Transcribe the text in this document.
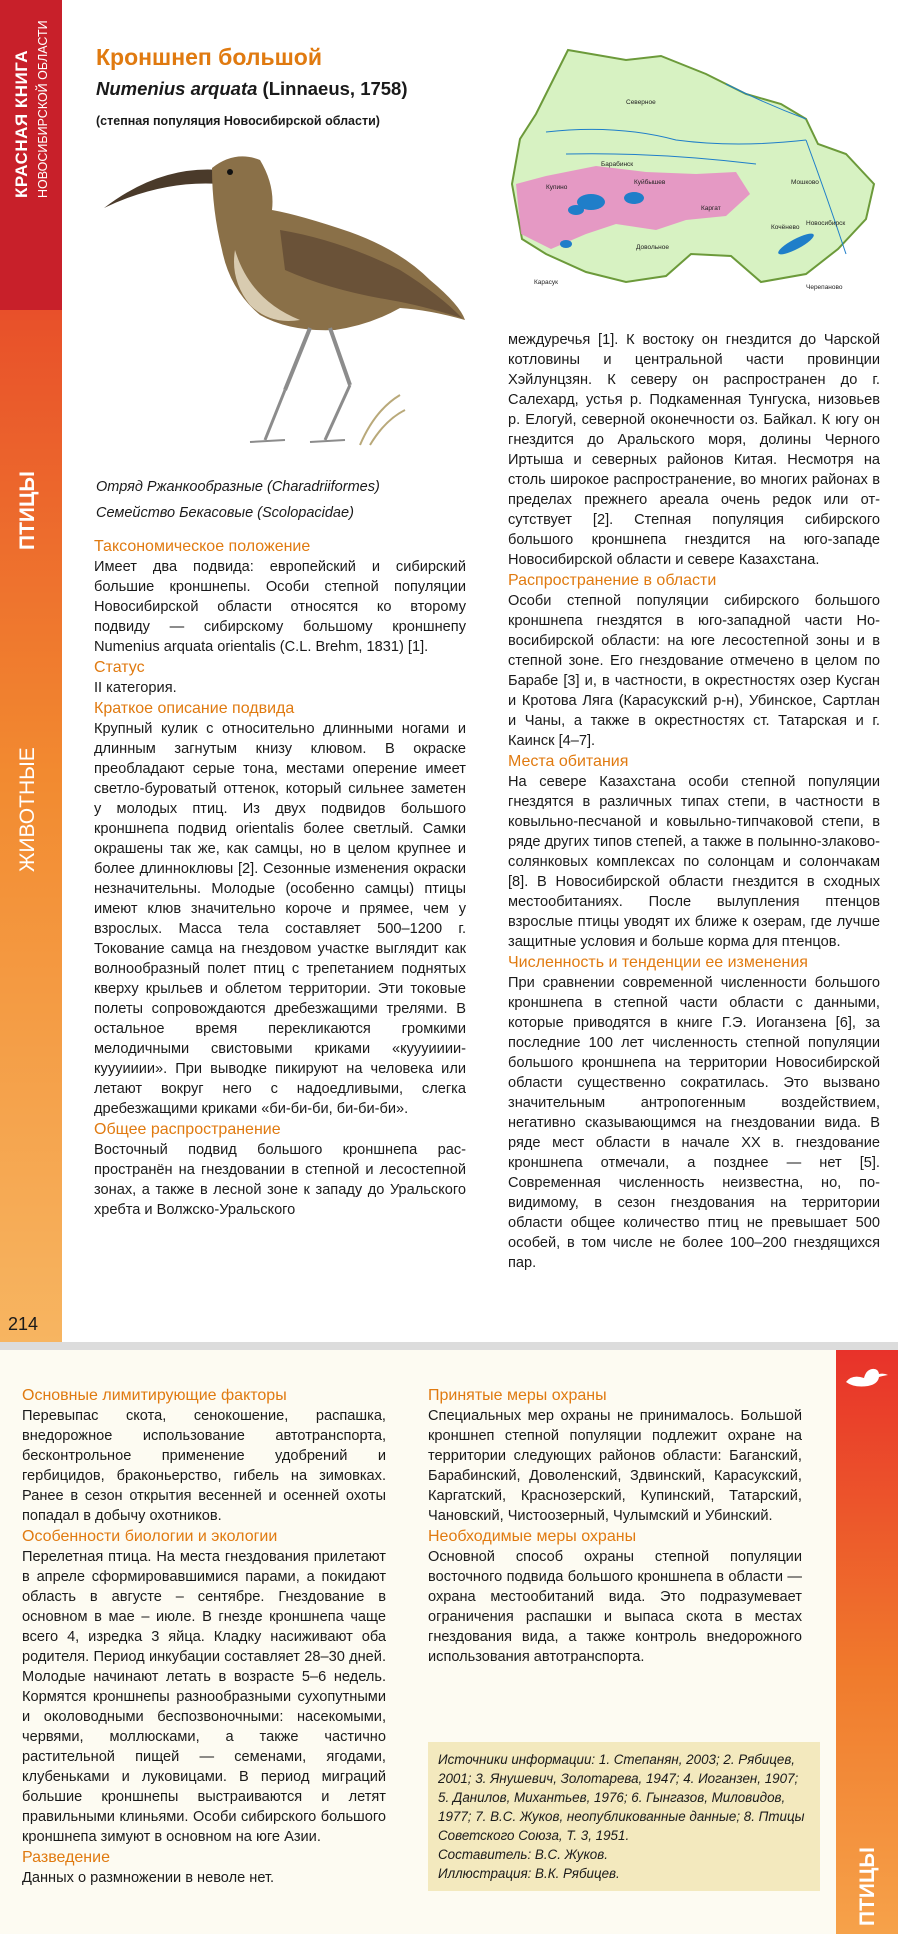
КРАСНАЯ КНИГА НОВОСИБИРСКОЙ ОБЛАСТИ
ПТИЦЫ
ЖИВОТНЫЕ
Кроншнеп большой
Numenius arquata (Linnaeus, 1758)
(степная популяция Новосибирской области)
Северное
Барабинск
Куйбышев
Купино
Карасук
Довольное
Каргат
Мошково
Кочёнево
Новосибирск
Черепаново
Отряд Ржанкообразные (Charadriiformes)
Семейство Бекасовые (Scolopacidae)
Таксономическое положение

Имеет два подвида: европейский и сибирский большие кроншнепы. Особи степной популяции Новосибирской области относятся ко второму подвиду — сибирскому большому кроншнепу Numenius arquata orientalis (C.L. Brehm, 1831) [1].

Статус

II категория.

Краткое описание подвида

Крупный кулик с относительно длинными ногами и длинным загнутым книзу клювом. В окраске преобладают серые тона, местами оперение имеет светло-буроватый оттенок, который сильнее заметен у молодых птиц. Из двух подвидов большого кроншнепа подвид orientalis более светлый. Самки окрашены так же, как самцы, но в целом крупнее и более длинноклювы [2]. Сезонные изменения окраски незначительны. Молодые (особенно самцы) птицы имеют клюв значительно короче и прямее, чем у взрослых. Масса тела составляет 500–1200 г. Токование самца на гнездовом участке выглядит как волнообразный полет птиц с трепетанием поднятых кверху крыльев и облетом территории. Эти токовые полеты сопровождаются дребезжащими трелями. В остальное время перекликаются громкими мелодичными свистовыми криками «куууииии-куууииии». При выводке пикируют на человека или летают вокруг него с надоедливыми, слегка дребезжащими криками «би-би-би, би-би-би».

Общее распространение

Восточный подвид большого кроншнепа распространён на гнездовании в степной и лесостепной зонах, а также в лесной зоне к западу до Уральского хребта и Волжско-Уральского

междуречья [1]. К востоку он гнездится до Чарской котловины и центральной части провинции Хэйлунцзян. К северу он распространен до г. Салехард, устья р. Подкаменная Тунгуска, низовьев р. Елогуй, северной оконечности оз. Байкал. К югу он гнездится до Аральского моря, долины Черного Иртыша и северных районов Китая. Несмотря на столь широкое распространение, во многих районах в пределах прежнего ареала очень редок или отсутствует [2]. Степная популяция сибирского большого кроншнепа гнездится на юго-западе Новосибирской области и севере Казахстана.

Распространение в области

Особи степной популяции сибирского большого кроншнепа гнездятся в юго-западной части Новосибирской области: на юге лесостепной зоны и в степной зоне. Его гнездование отмечено в целом по Барабе [3] и, в частности, в окрестностях озер Кусган и Кротова Ляга (Карасукский р-н), Убинское, Сартлан и Чаны, а также в окрестностях ст. Татарская и г. Каинск [4–7].

Места обитания

На севере Казахстана особи степной популяции гнездятся в различных типах степи, в частности в ковыльно-песчаной и ковыльно-типчаковой степи, в ряде других типов степей, а также в полынно-злаково-солянковых комплексах по солонцам и солончакам [8]. В Новосибирской области гнездится в сходных местообитаниях. После вылупления птенцов взрослые птицы уводят их ближе к озерам, где лучше защитные условия и больше корма для птенцов.

Численность и тенденции ее изменения

При сравнении современной численности большого кроншнепа в степной части области с данными, которые приводятся в книге Г.Э. Иоганзена [6], за последние 100 лет численность степной популяции большого кроншнепа на территории Новосибирской области существенно сократилась. Это вызвано значительным антропогенным воздействием, негативно сказывающимся на гнездовании вида. В ряде мест области в начале XX в. гнездование кроншнепа отмечали, а позднее — нет [5]. Современная численность неизвестна, но, по-видимому, в сезон гнездования на территории области общее количество птиц не превышает 500 особей, в том числе не более 100–200 гнездящихся пар.

214
ПТИЦЫ
Основные лимитирующие факторы

Перевыпас скота, сенокошение, распашка, внедорожное использование автотранспорта, бесконтрольное применение удобрений и гербицидов, браконьерство, гибель на зимовках. Ранее в сезон открытия весенней и осенней охоты попадал в добычу охотников.

Особенности биологии и экологии

Перелетная птица. На места гнездования прилетают в апреле сформировавшимися парами, а покидают область в августе – сентябре. Гнездование в основном в мае – июле. В гнезде кроншнепа чаще всего 4, изредка 3 яйца. Кладку насиживают оба родителя. Период инкубации составляет 28–30 дней. Молодые начинают летать в возрасте 5–6 недель. Кормятся кроншнепы разнообразными сухопутными и околоводными беспозвоночными: насекомыми, червями, моллюсками, а также частично растительной пищей — семенами, ягодами, клубеньками и луковицами. В период миграций большие кроншнепы выстраиваются и летят правильными клиньями. Особи сибирского большого кроншнепа зимуют в основном на юге Азии.

Разведение

Данных о размножении в неволе нет.

Принятые меры охраны

Специальных мер охраны не принималось. Большой кроншнеп степной популяции подлежит охране на территории следующих районов области: Баганский, Барабинский, Доволенский, Здвинский, Карасукский, Каргатский, Краснозерский, Купинский, Татарский, Чановский, Чистоозерный, Чулымский и Убинский.

Необходимые меры охраны

Основной способ охраны степной популяции восточного подвида большого кроншнепа в области — охрана местообитаний вида. Это подразумевает ограничения распашки и выпаса скота в местах гнездования вида, а также контроль внедорожного использования автотранспорта.

Источники информации: 1. Степанян, 2003; 2. Рябицев, 2001; 3. Янушевич, Золотарева, 1947; 4. Иоганзен, 1907; 5. Данилов, Михантьев, 1976; 6. Гынгазов, Миловидов, 1977; 7. В.С. Жуков, неопубликованные данные; 8. Птицы Советского Союза, Т. 3, 1951.
Составитель: В.С. Жуков.
Иллюстрация: В.К. Рябицев.
